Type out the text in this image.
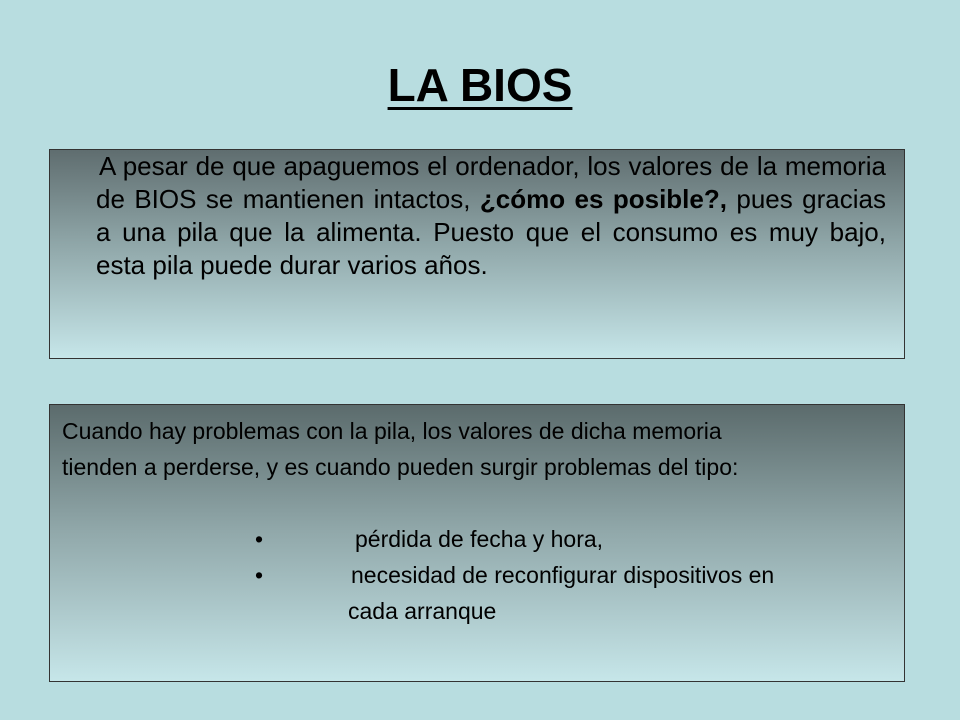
LA BIOS
A pesar de que apaguemos el ordenador, los valores de la memoria de BIOS se mantienen intactos, ¿cómo es posible?, pues gracias a una pila que la alimenta. Puesto que el consumo es muy bajo, esta pila puede durar varios años.
Cuando hay problemas con la pila, los valores de dicha memoria tienden a perderse, y es cuando pueden surgir problemas del tipo:
•	pérdida de fecha y hora,
•	necesidad de reconfigurar dispositivos en
cada arranque
